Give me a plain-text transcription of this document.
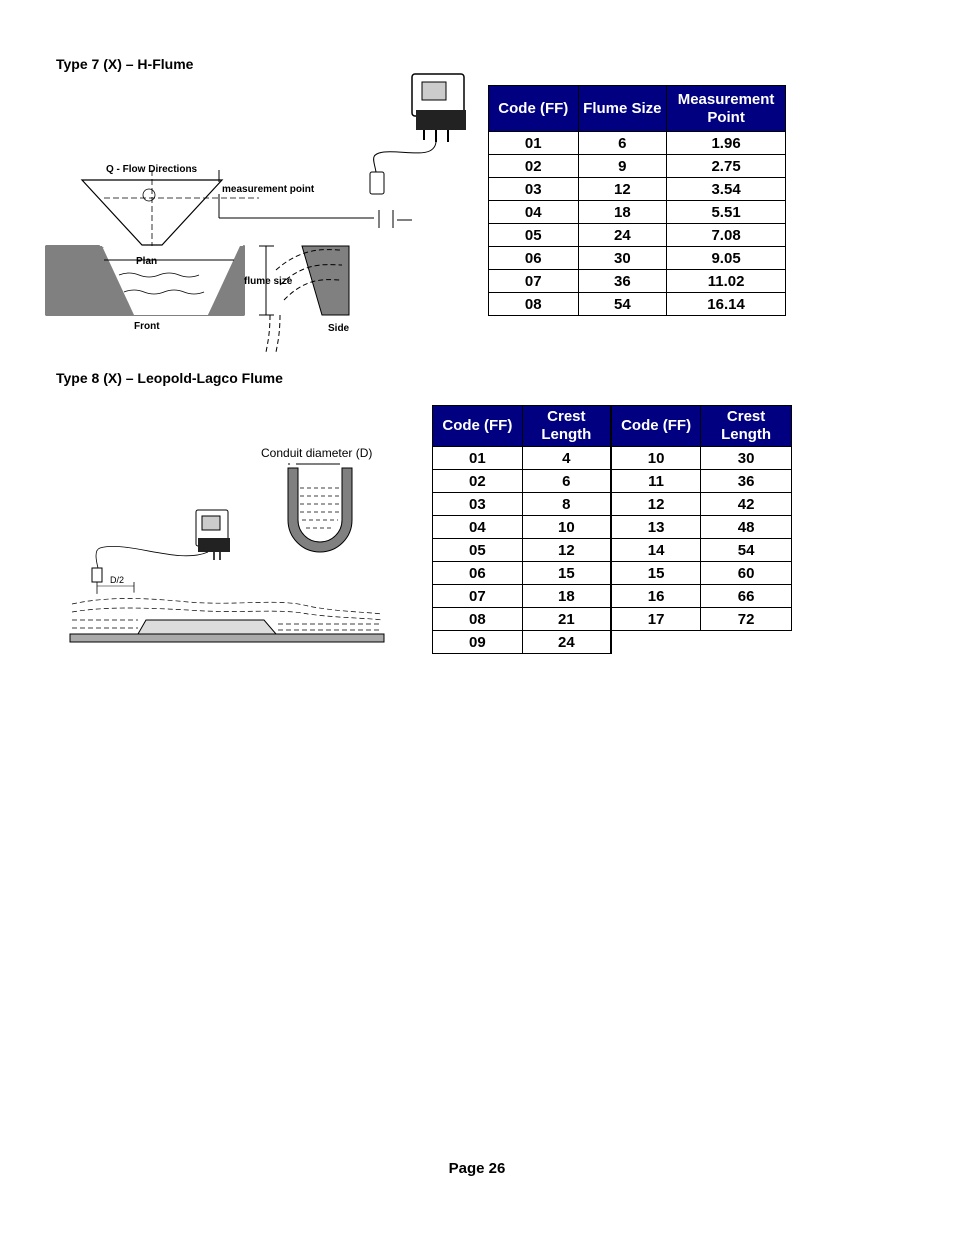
Type 7 (X) – H-Flume
Q - Flow Directions
measurement point
Plan
Front
flume size
Side
Code (FF)	Flume Size	Measurement Point
01	6	1.96
02	9	2.75
03	12	3.54
04	18	5.51
05	24	7.08
06	30	9.05
07	36	11.02
08	54	16.14
Type 8 (X) – Leopold-Lagco Flume
Conduit diameter (D)
D/2
Code (FF)	Crest Length	Code (FF)	Crest Length
01	4	10	30
02	6	11	36
03	8	12	42
04	10	13	48
05	12	14	54
06	15	15	60
07	18	16	66
08	21	17	72
09	24		
Page 26
